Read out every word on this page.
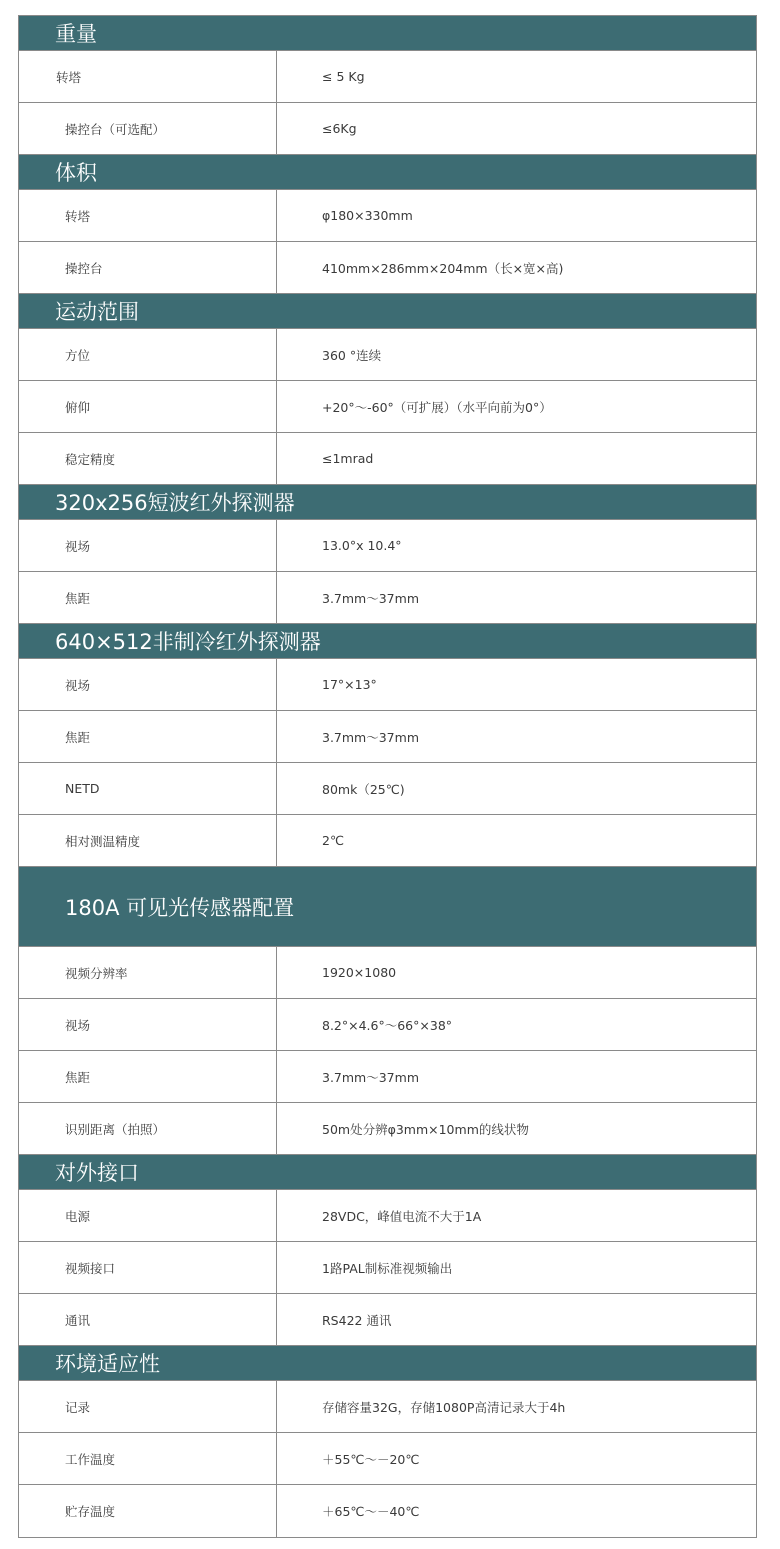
重量
转塔	≤ 5 Kg
操控台（可选配）	≤6Kg
体积
转塔	φ180×330mm
操控台	410mm×286mm×204mm（长×宽×高)
运动范围
方位	360 °连续
俯仰	+20°～-60°（可扩展）（水平向前为0°）
稳定精度	≤1mrad
320x256短波红外探测器
视场	13.0°x 10.4°
焦距	3.7mm～37mm
640×512非制冷红外探测器
视场	17°×13°
焦距	3.7mm～37mm
NETD	80mk（25℃)
相对测温精度	2℃
180A 可见光传感器配置
视频分辨率	1920×1080
视场	8.2°×4.6°～66°×38°
焦距	3.7mm～37mm
识别距离（拍照）	50m处分辨φ3mm×10mm的线状物
对外接口
电源	28VDC，峰值电流不大于1A
视频接口	1路PAL制标准视频输出
通讯	RS422 通讯
环境适应性
记录	存储容量32G，存储1080P高清记录大于4h
工作温度	＋55℃～－20℃
贮存温度	＋65℃～－40℃
